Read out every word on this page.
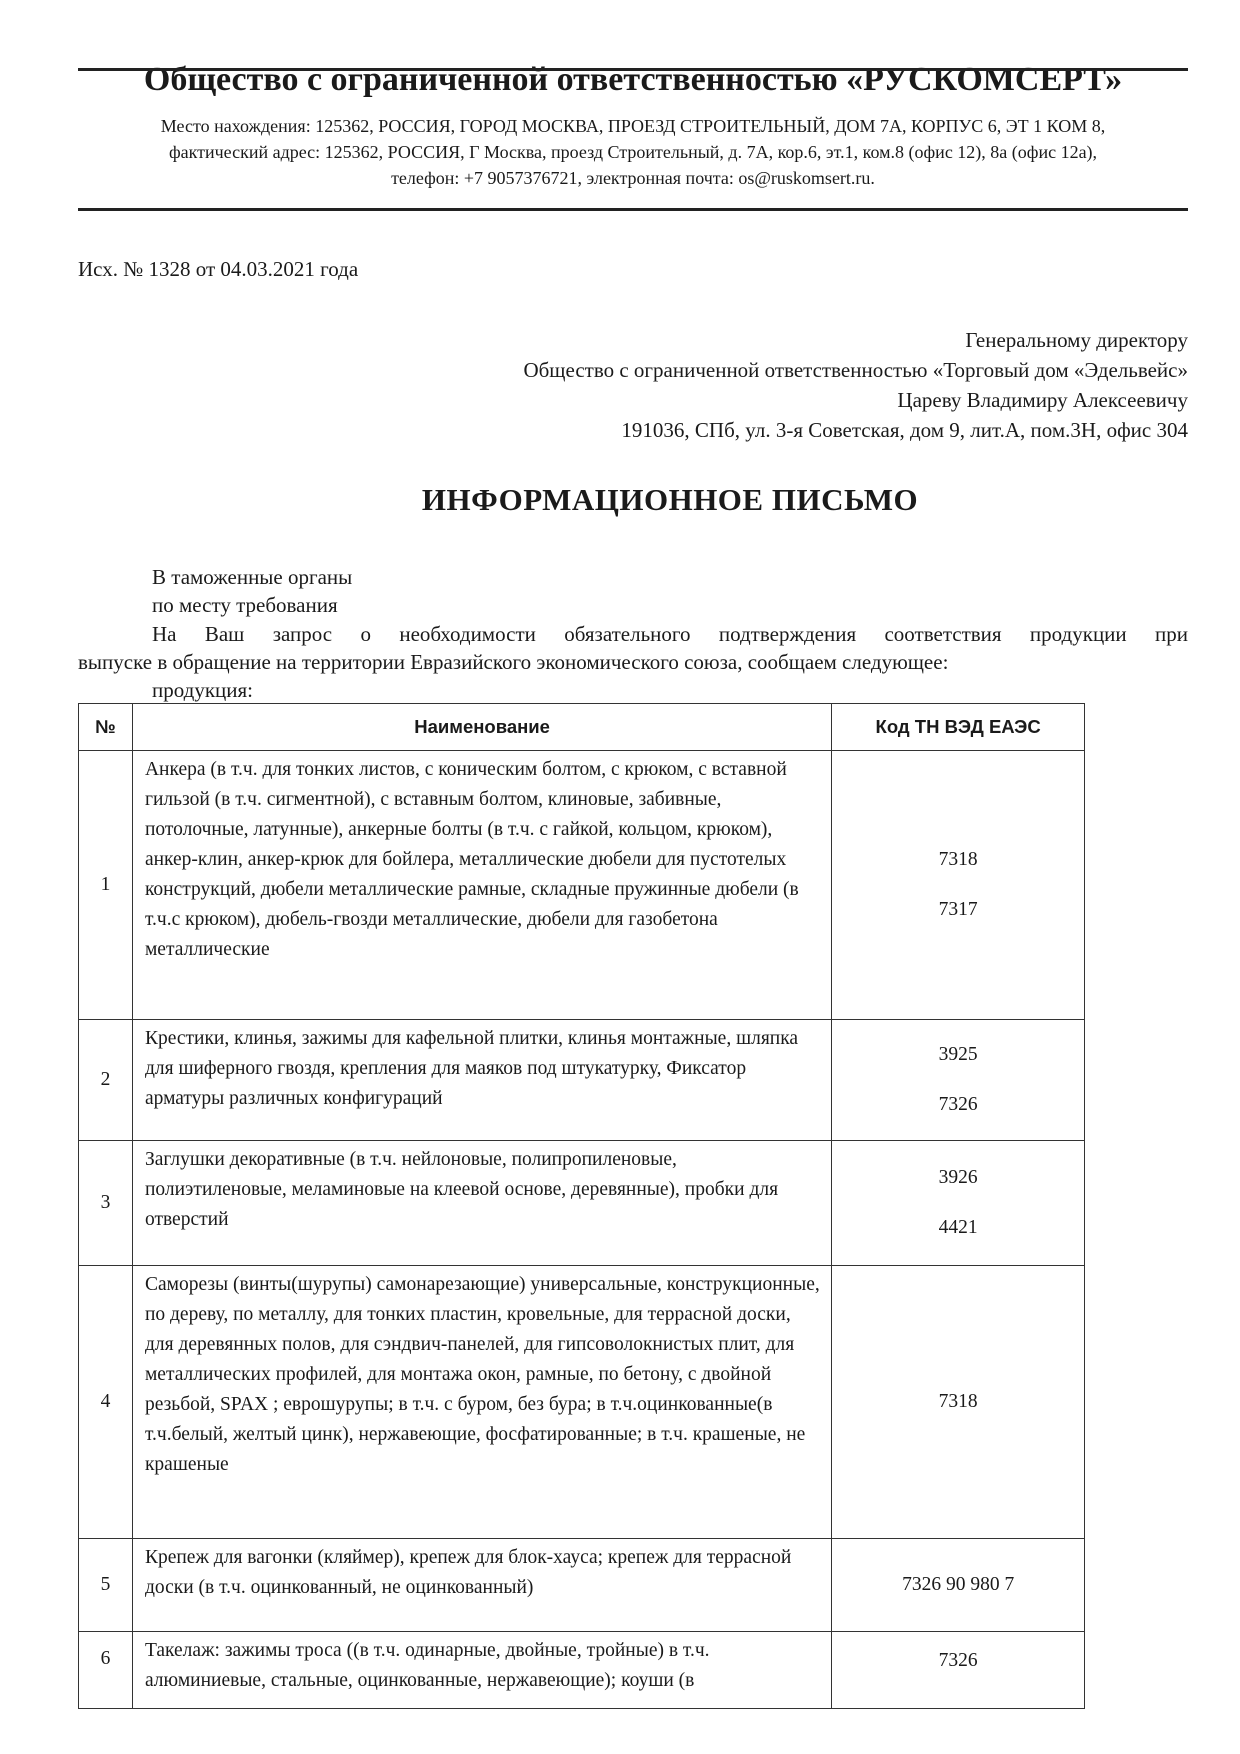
Общество с ограниченной ответственностью «РУСКОМСЕРТ»
Место нахождения: 125362, РОССИЯ, ГОРОД МОСКВА, ПРОЕЗД СТРОИТЕЛЬНЫЙ, ДОМ 7А, КОРПУС 6, ЭТ 1 КОМ 8,
фактический адрес: 125362, РОССИЯ, Г Москва, проезд Строительный, д. 7А, кор.6, эт.1, ком.8 (офис 12), 8а (офис 12а),
телефон: +7 9057376721, электронная почта: os@ruskomsert.ru.
Исх. № 1328 от 04.03.2021 года
Генеральному директору
Общество с ограниченной ответственностью «Торговый дом «Эдельвейс»
Цареву Владимиру Алексеевичу
191036, СПб, ул. 3-я Советская, дом 9, лит.А, пом.3Н, офис 304
ИНФОРМАЦИОННОЕ ПИСЬМО
В таможенные органы
по месту требования
На Ваш запрос о необходимости обязательного подтверждения соответствия продукции при
выпуске в обращение на территории Евразийского экономического союза, сообщаем следующее:
продукция:
№	Наименование	Код ТН ВЭД ЕАЭС
1	Анкера (в т.ч. для тонких листов, с коническим болтом, с крюком, с вставной гильзой (в т.ч. сигментной), с вставным болтом, клиновые, забивные, потолочные, латунные), анкерные болты (в т.ч. с гайкой, кольцом, крюком), анкер-клин, анкер-крюк для бойлера, металлические дюбели для пустотелых конструкций, дюбели металлические рамные, складные пружинные дюбели (в т.ч.с крюком), дюбель-гвозди металлические, дюбели для газобетона металлические	7318
7317

2	Крестики, клинья, зажимы для кафельной плитки, клинья монтажные, шляпка для шиферного гвоздя, крепления для маяков под штукатурку, Фиксатор арматуры различных конфигураций	3925
7326

3	Заглушки декоративные (в т.ч. нейлоновые, полипропиленовые, полиэтиленовые, меламиновые на клеевой основе, деревянные), пробки для отверстий	3926
4421

4	Саморезы (винты(шурупы) самонарезающие) универсальные, конструкционные, по дереву, по металлу, для тонких пластин, кровельные, для террасной доски, для деревянных полов, для сэндвич-панелей, для гипсоволокнистых плит, для металлических профилей, для монтажа окон, рамные, по бетону, с двойной резьбой, SPAX ; еврошурупы; в т.ч. с буром, без бура; в т.ч.оцинкованные(в т.ч.белый, желтый цинк), нержавеющие, фосфатированные; в т.ч. крашеные, не крашеные	7318

5	Крепеж для вагонки (кляймер), крепеж для блок-хауса; крепеж для террасной доски (в т.ч. оцинкованный, не оцинкованный)	7326 90 980 7

6	Такелаж: зажимы троса ((в т.ч. одинарные, двойные, тройные) в т.ч. алюминиевые, стальные, оцинкованные, нержавеющие); коуши (в	7326
